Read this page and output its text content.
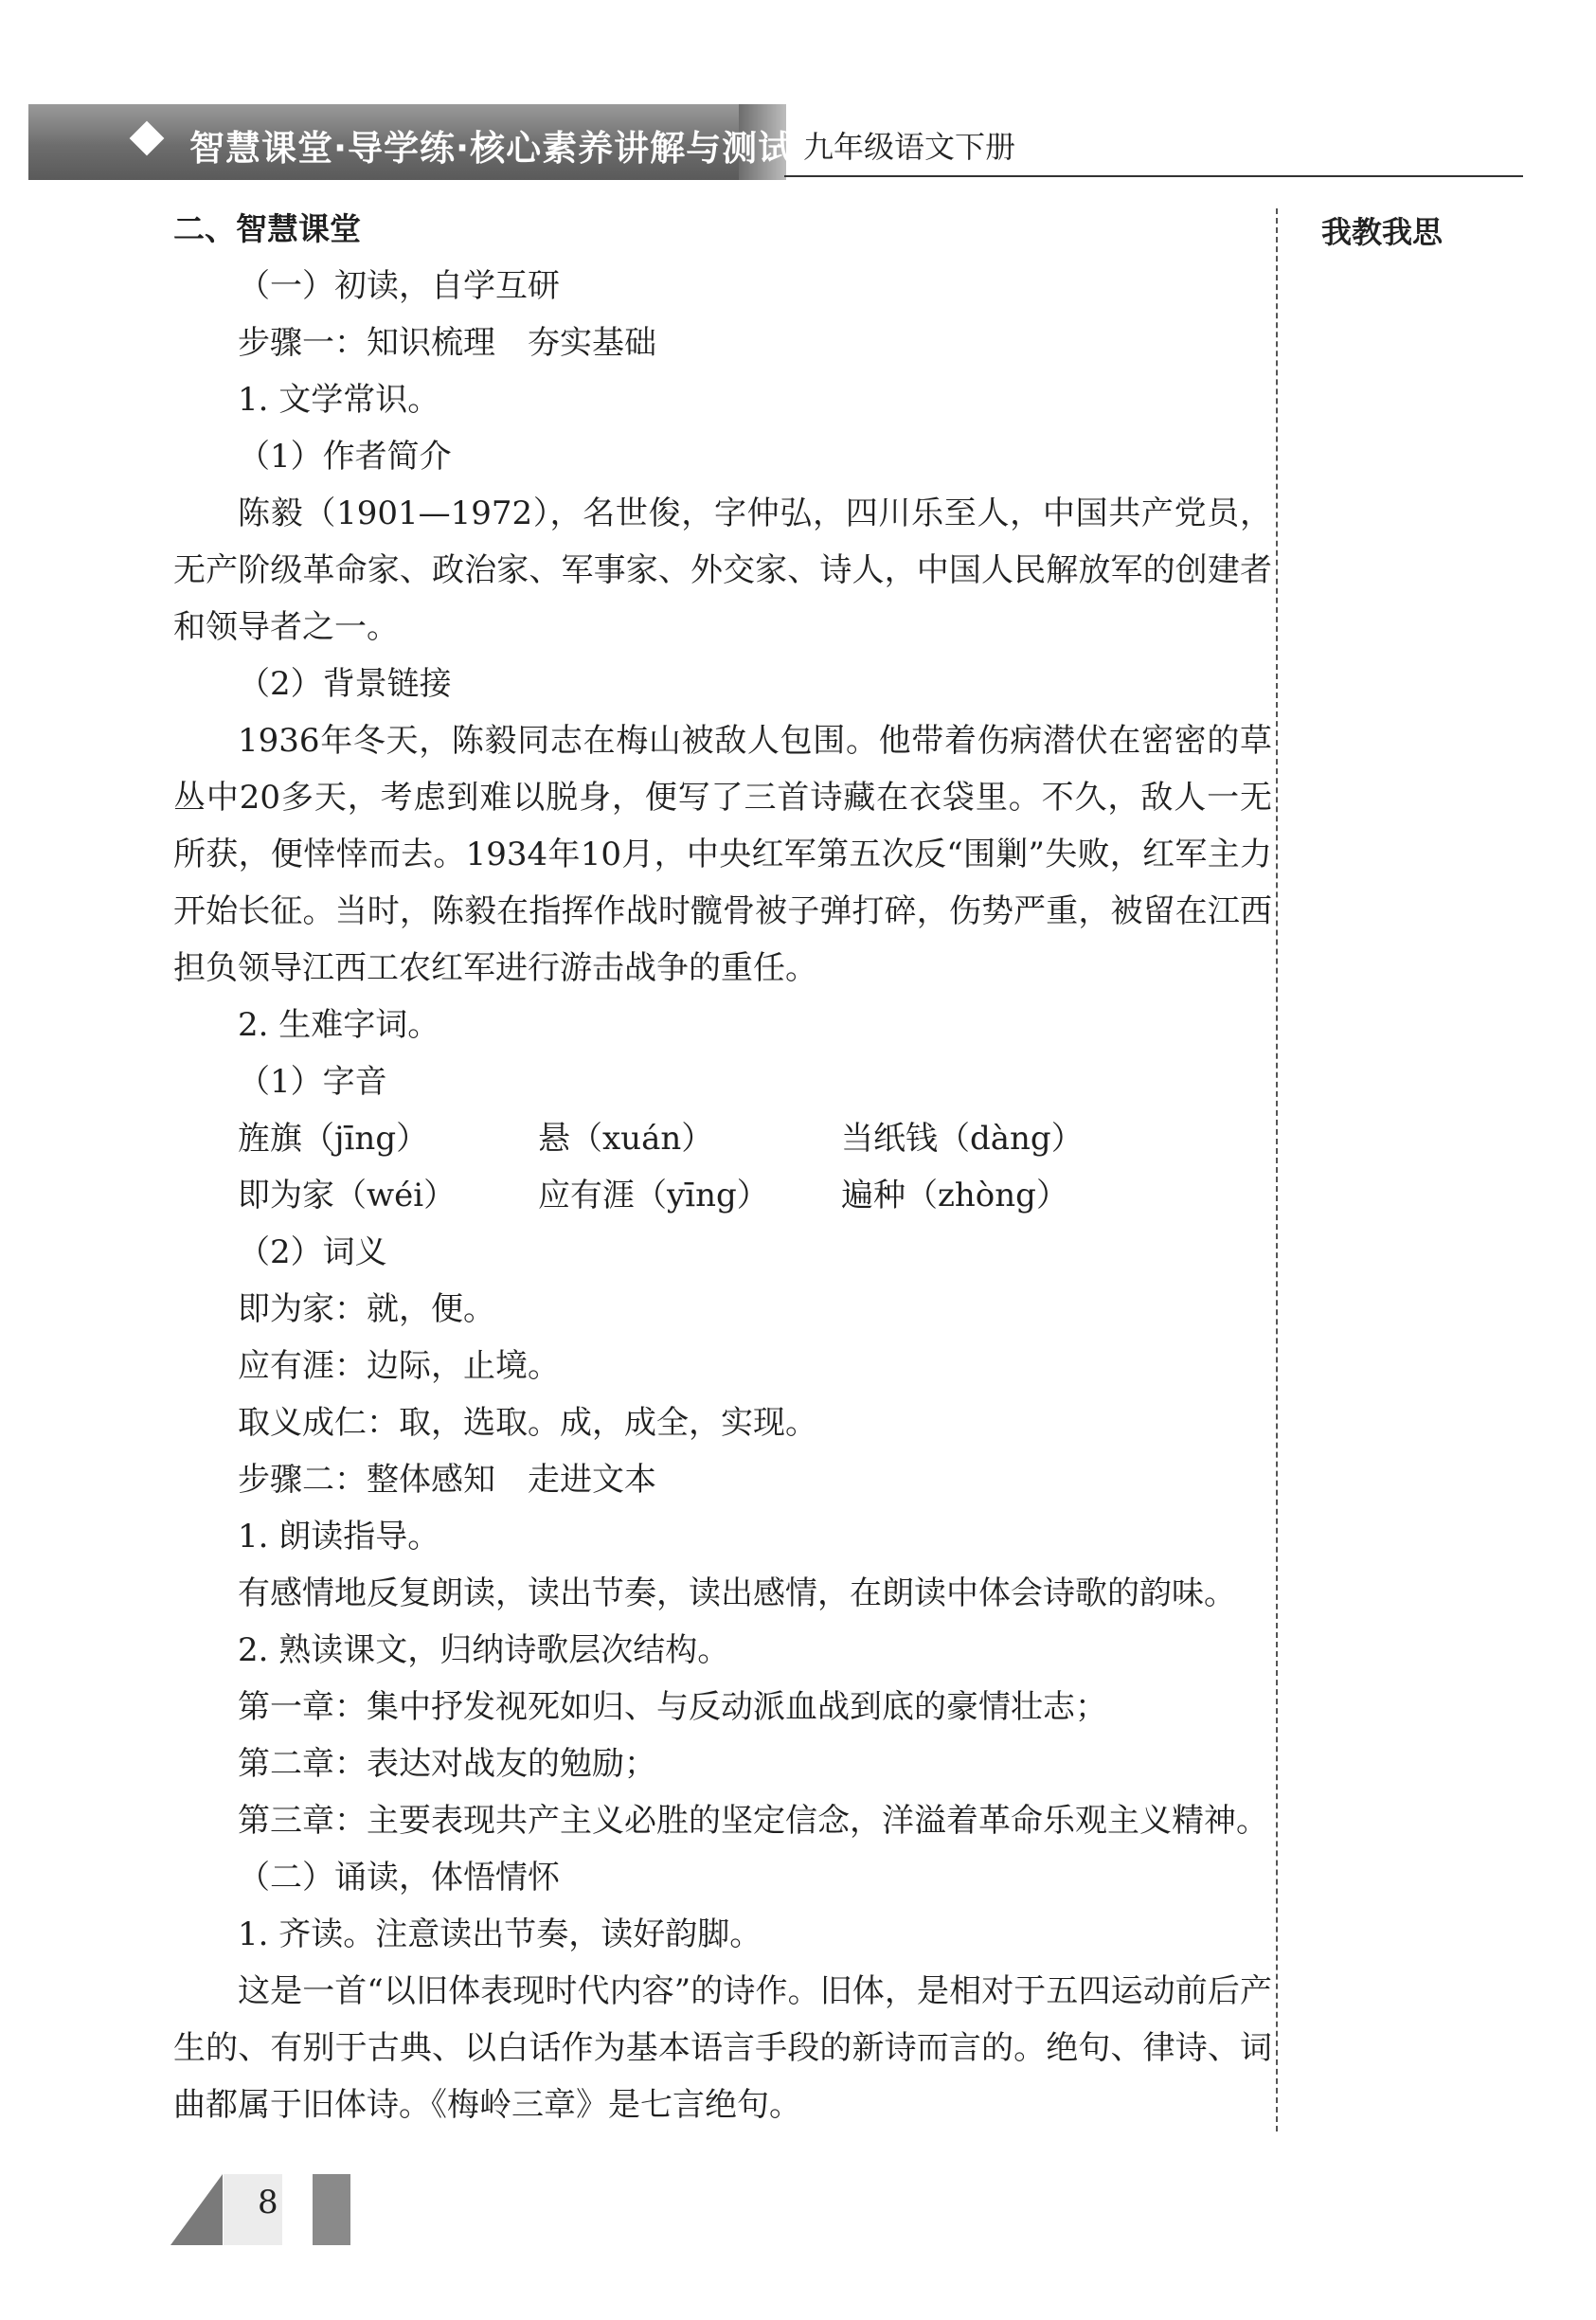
智慧课堂·导学练·核心素养讲解与测试 九年级语文下册
我教我思
二、智慧课堂
（一）初读，自学互研
步骤一：知识梳理　夯实基础
1. 文学常识。
（1）作者简介
陈毅（1901—1972），名世俊，字仲弘，四川乐至人，中国共产党员，无产阶级革命家、政治家、军事家、外交家、诗人，中国人民解放军的创建者和领导者之一。
（2）背景链接
1936年冬天，陈毅同志在梅山被敌人包围。他带着伤病潜伏在密密的草丛中20多天，考虑到难以脱身，便写了三首诗藏在衣袋里。不久，敌人一无所获，便悻悻而去。1934年10月，中央红军第五次反“围剿”失败，红军主力开始长征。当时，陈毅在指挥作战时髋骨被子弹打碎，伤势严重，被留在江西担负领导江西工农红军进行游击战争的重任。
2. 生难字词。
（1）字音
旌旗（jīng）	悬（xuán）	当纸钱（dàng）
即为家（wéi）	应有涯（yīng） 遍种（zhòng）
（2）词义
即为家：就，便。
应有涯：边际，止境。
取义成仁：取，选取。成，成全，实现。
步骤二：整体感知　走进文本
1. 朗读指导。
有感情地反复朗读，读出节奏，读出感情，在朗读中体会诗歌的韵味。
2. 熟读课文，归纳诗歌层次结构。
第一章：集中抒发视死如归、与反动派血战到底的豪情壮志；
第二章：表达对战友的勉励；
第三章：主要表现共产主义必胜的坚定信念，洋溢着革命乐观主义精神。
（二）诵读，体悟情怀
1. 齐读。注意读出节奏，读好韵脚。
这是一首“以旧体表现时代内容”的诗作。旧体，是相对于五四运动前后产生的、有别于古典、以白话作为基本语言手段的新诗而言的。绝句、律诗、词曲都属于旧体诗。《梅岭三章》是七言绝句。
8
